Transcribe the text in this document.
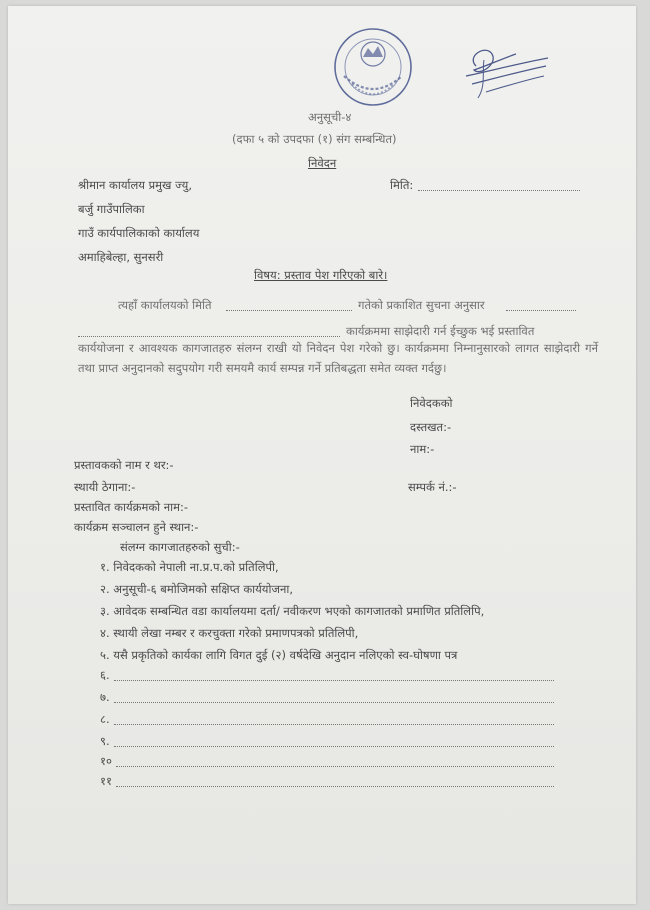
अनुसूची-४
(दफा ५ को उपदफा (१) संग सम्बन्धित)
निवेदन
श्रीमान कार्यालय प्रमुख ज्यु,
बर्जु गाउँपालिका
गाउँ कार्यपालिकाको कार्यालय
अमाहिबेल्हा, सुनसरी
मिति:
विषय: प्रस्ताव पेश गरिएको बारे।
त्यहाँ कार्यालयको मिति	गतेको प्रकाशित सुचना अनुसार
कार्यक्रममा साझेदारी गर्न ईच्छुक भई प्रस्तावित
कार्ययोजना र आवश्यक कागजातहरु संलग्न राखी यो निवेदन पेश गरेको छु। कार्यक्रममा निम्नानुसारको लागत साझेदारी गर्ने तथा प्राप्त अनुदानको सदुपयोग गरी समयमै कार्य सम्पन्न गर्ने प्रतिबद्धता समेत व्यक्त गर्दछु।
निवेदकको
दस्तखत:-
नाम:-
प्रस्तावकको नाम र थर:-
स्थायी ठेगाना:-	सम्पर्क नं.:-
प्रस्तावित कार्यक्रमको नाम:-
कार्यक्रम सञ्चालन हुने स्थान:-
संलग्न कागजातहरुको सुची:-
१. निवेदकको नेपाली ना.प्र.प.को प्रतिलिपी,
२. अनुसूची-६ बमोजिमको सक्षिप्त कार्ययोजना,
३. आवेदक सम्बन्धित वडा कार्यालयमा दर्ता/ नवीकरण भएको कागजातको प्रमाणित प्रतिलिपि,
४. स्थायी लेखा नम्बर र करचुक्ता गरेको प्रमाणपत्रको प्रतिलिपी,
५. यसै प्रकृतिको कार्यका लागि विगत दुई (२) वर्षदेखि अनुदान नलिएको स्व-घोषणा पत्र
६.
७.
८.
९.
१०
११
